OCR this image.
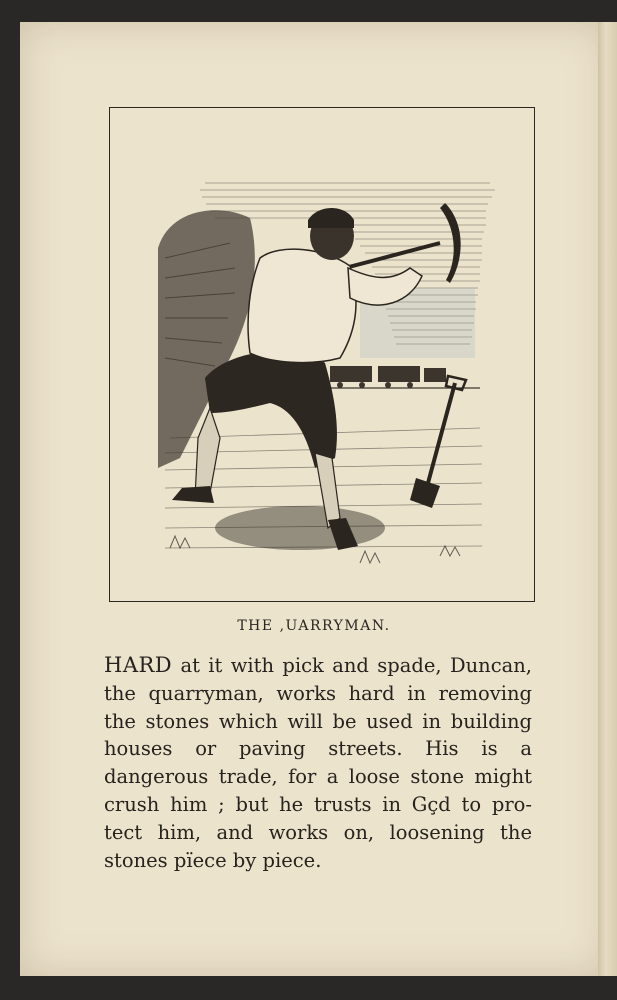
THE ‚UARRYMAN.
HARD at it with pick and spade, Duncan,
the quarryman, works hard in removing
the stones which will be used in building
houses or paving streets. His is a
dangerous trade, for a loose stone might
crush him ; but he trusts in Gçd to pro-
tect him, and works on, loosening the
stones pïece by piece.
